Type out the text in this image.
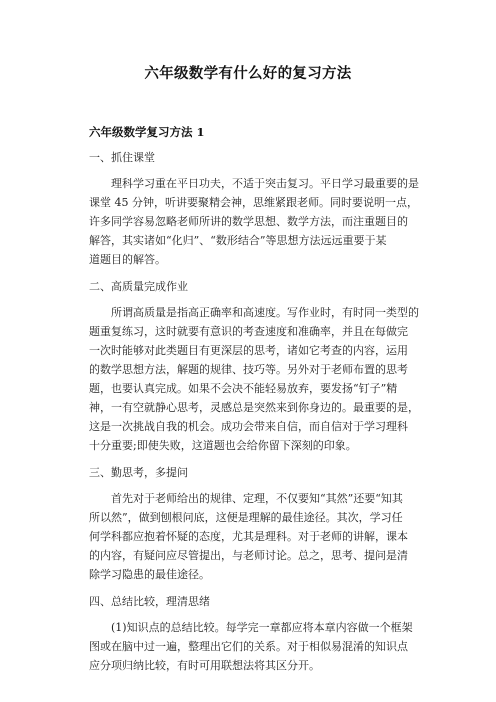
六年级数学有什么好的复习方法
六年级数学复习方法 1
一、抓住课堂
理科学习重在平日功夫，不适于突击复习。平日学习最重要的是
课堂 45 分钟，听讲要聚精会神，思维紧跟老师。同时要说明一点，
许多同学容易忽略老师所讲的数学思想、数学方法，而注重题目的
解答，其实诸如“化归”、“数形结合”等思想方法远远重要于某
道题目的解答。
二、高质量完成作业
所谓高质量是指高正确率和高速度。写作业时，有时同一类型的
题重复练习，这时就要有意识的考查速度和准确率，并且在每做完
一次时能够对此类题目有更深层的思考，诸如它考查的内容，运用
的数学思想方法，解题的规律、技巧等。另外对于老师布置的思考
题，也要认真完成。如果不会决不能轻易放弃，要发扬“钉子”精
神，一有空就静心思考，灵感总是突然来到你身边的。最重要的是，
这是一次挑战自我的机会。成功会带来自信，而自信对于学习理科
十分重要;即使失败，这道题也会给你留下深刻的印象。
三、勤思考，多提问
首先对于老师给出的规律、定理，不仅要知“其然”还要“知其
所以然”，做到刨根问底，这便是理解的最佳途径。其次，学习任
何学科都应抱着怀疑的态度，尤其是理科。对于老师的讲解，课本
的内容，有疑问应尽管提出，与老师讨论。总之，思考、提问是清
除学习隐患的最佳途径。
四、总结比较，理清思绪
(1)知识点的总结比较。每学完一章都应将本章内容做一个框架
图或在脑中过一遍，整理出它们的关系。对于相似易混淆的知识点
应分项归纳比较，有时可用联想法将其区分开。
